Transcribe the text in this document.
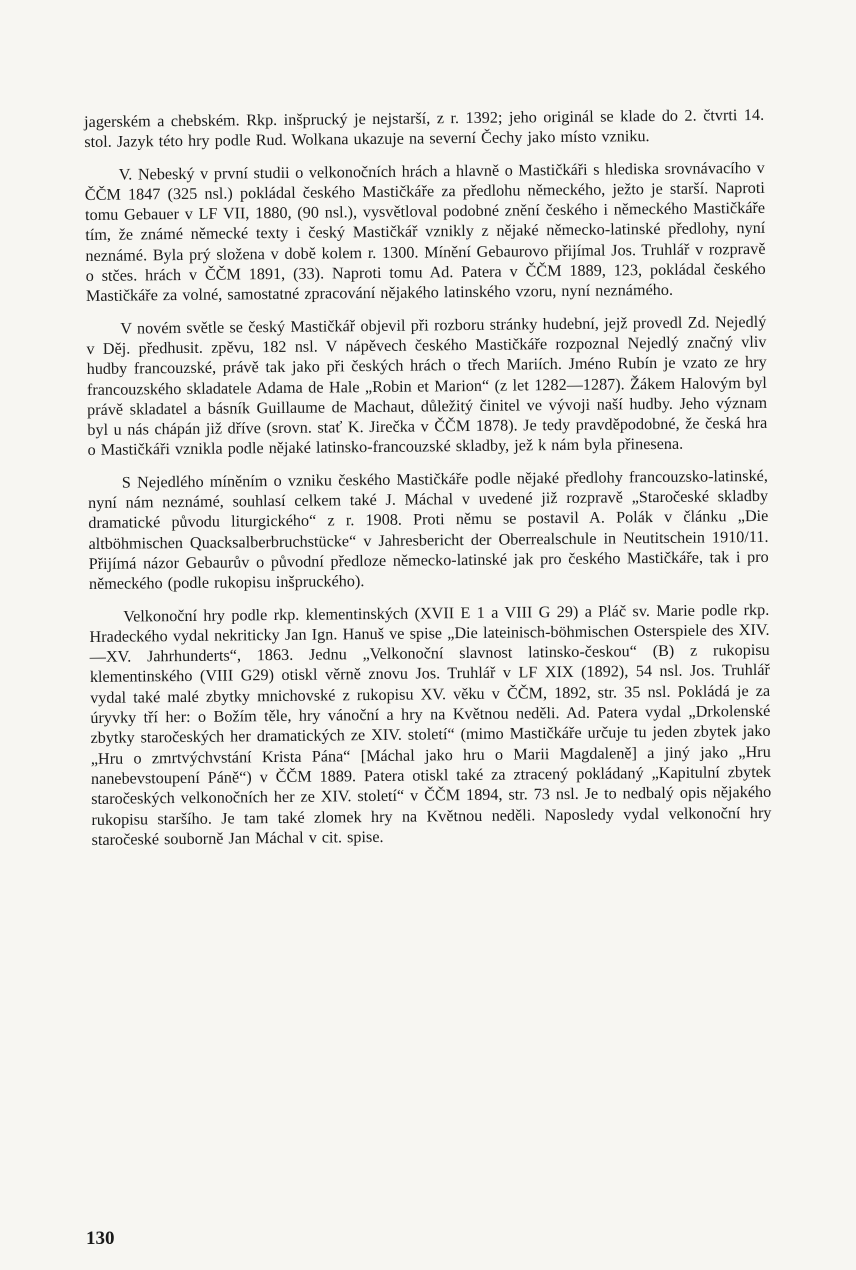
jagerském a chebském. Rkp. inšprucký je nejstarší, z r. 1392; jeho originál se klade do 2. čtvrti 14. stol. Jazyk této hry podle Rud. Wolkana ukazuje na severní Čechy jako místo vzniku.

V. Nebeský v první studii o velkonočních hrách a hlavně o Mastičkáři s hlediska srovnávacího v ČČM 1847 (325 nsl.) pokládal českého Mastičkáře za předlohu německého, ježto je starší. Naproti tomu Gebauer v LF VII, 1880, (90 nsl.), vysvětloval podobné znění českého i německého Mastičkáře tím, že známé německé texty i český Mastičkář vznikly z nějaké německo-latinské předlohy, nyní neznámé. Byla prý složena v době kolem r. 1300. Mínění Gebaurovo přijímal Jos. Truhlář v rozpravě o stčes. hrách v ČČM 1891, (33). Naproti tomu Ad. Patera v ČČM 1889, 123, pokládal českého Mastičkáře za volné, samostatné zpracování nějakého latinského vzoru, nyní neznámého.

V novém světle se český Mastičkář objevil při rozboru stránky hudební, jejž provedl Zd. Nejedlý v Děj. předhusit. zpěvu, 182 nsl. V nápěvech českého Mastičkáře rozpoznal Nejedlý značný vliv hudby francouzské, právě tak jako při českých hrách o třech Mariích. Jméno Rubín je vzato ze hry francouzského skladatele Adama de Hale „Robin et Marion“ (z let 1282—1287). Žákem Halovým byl právě skladatel a básník Guillaume de Machaut, důležitý činitel ve vývoji naší hudby. Jeho význam byl u nás chápán již dříve (srovn. stať K. Jirečka v ČČM 1878). Je tedy pravděpodobné, že česká hra o Mastičkáři vznikla podle nějaké latinsko-francouzské skladby, jež k nám byla přinesena.

S Nejedlého míněním o vzniku českého Mastičkáře podle nějaké předlohy francouzsko-latinské, nyní nám neznámé, souhlasí celkem také J. Máchal v uvedené již rozpravě „Staročeské skladby dramatické původu liturgického“ z r. 1908. Proti němu se postavil A. Polák v článku „Die altböhmischen Quacksalberbruchstücke“ v Jahresbericht der Oberrealschule in Neutitschein 1910/11. Přijímá názor Gebaurův o původní předloze německo-latinské jak pro českého Mastičkáře, tak i pro německého (podle rukopisu inšpruckého).

Velkonoční hry podle rkp. klementinských (XVII E 1 a VIII G 29) a Pláč sv. Marie podle rkp. Hradeckého vydal nekriticky Jan Ign. Hanuš ve spise „Die lateinisch-böhmischen Osterspiele des XIV.—XV. Jahrhunderts“, 1863. Jednu „Velkonoční slavnost latinsko-českou“ (B) z rukopisu klementinského (VIII G29) otiskl věrně znovu Jos. Truhlář v LF XIX (1892), 54 nsl. Jos. Truhlář vydal také malé zbytky mnichovské z rukopisu XV. věku v ČČM, 1892, str. 35 nsl. Pokládá je za úryvky tří her: o Božím těle, hry vánoční a hry na Květnou neděli. Ad. Patera vydal „Drkolenské zbytky staročeských her dramatických ze XIV. století“ (mimo Mastičkáře určuje tu jeden zbytek jako „Hru o zmrtvýchvstání Krista Pána“ [Máchal jako hru o Marii Magdaleně] a jiný jako „Hru nanebevstoupení Páně“) v ČČM 1889. Patera otiskl také za ztracený pokládaný „Kapitulní zbytek staročeských velkonočních her ze XIV. století“ v ČČM 1894, str. 73 nsl. Je to nedbalý opis nějakého rukopisu staršího. Je tam také zlomek hry na Květnou neděli. Naposledy vydal velkonoční hry staročeské souborně Jan Máchal v cit. spise.

130
